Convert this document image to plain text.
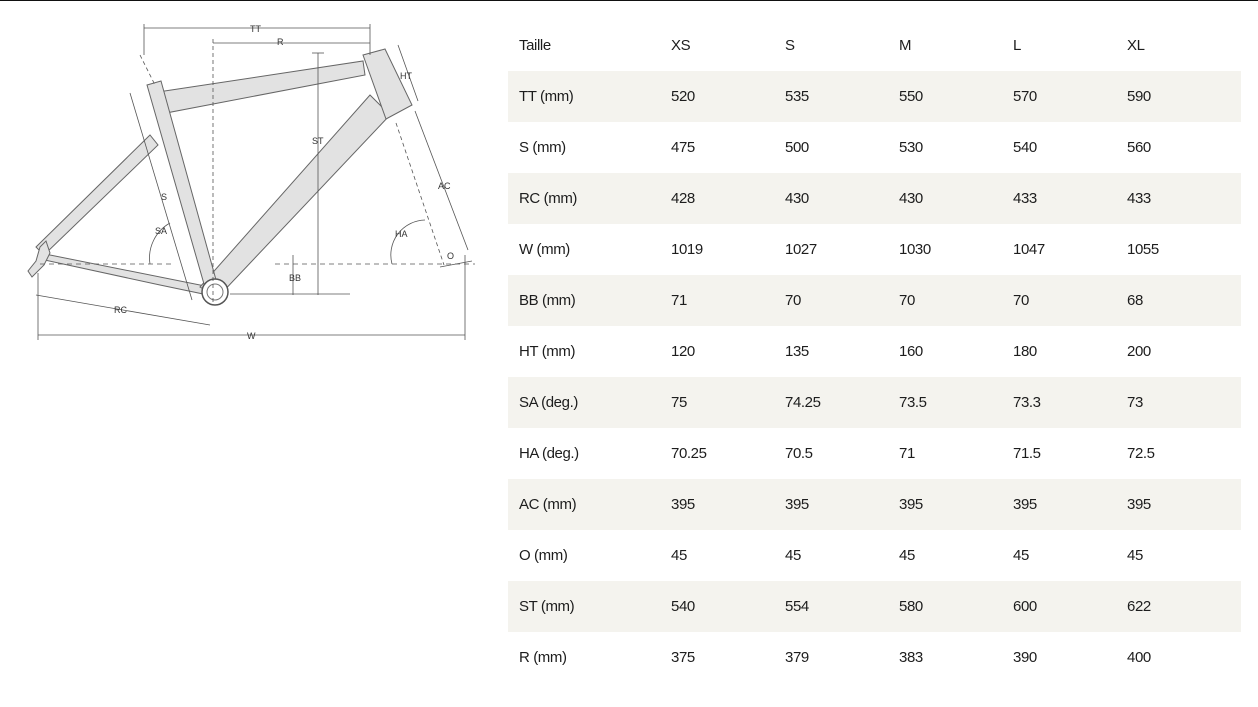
TT
R
HT
ST
S
AC
SA	HA
BB
O
RC
W
Taille	XS	S	M	L	XL
TT (mm)	520	535	550	570	590
S (mm)	475	500	530	540	560
RC (mm)	428	430	430	433	433
W (mm)	1019	1027	1030	1047	1055
BB (mm)	71	70	70	70	68
HT (mm)	120	135	160	180	200
SA (deg.)	75	74.25	73.5	73.3	73
HA (deg.)	70.25	70.5	71	71.5	72.5
AC (mm)	395	395	395	395	395
O (mm)	45	45	45	45	45
ST (mm)	540	554	580	600	622
R (mm)	375	379	383	390	400
